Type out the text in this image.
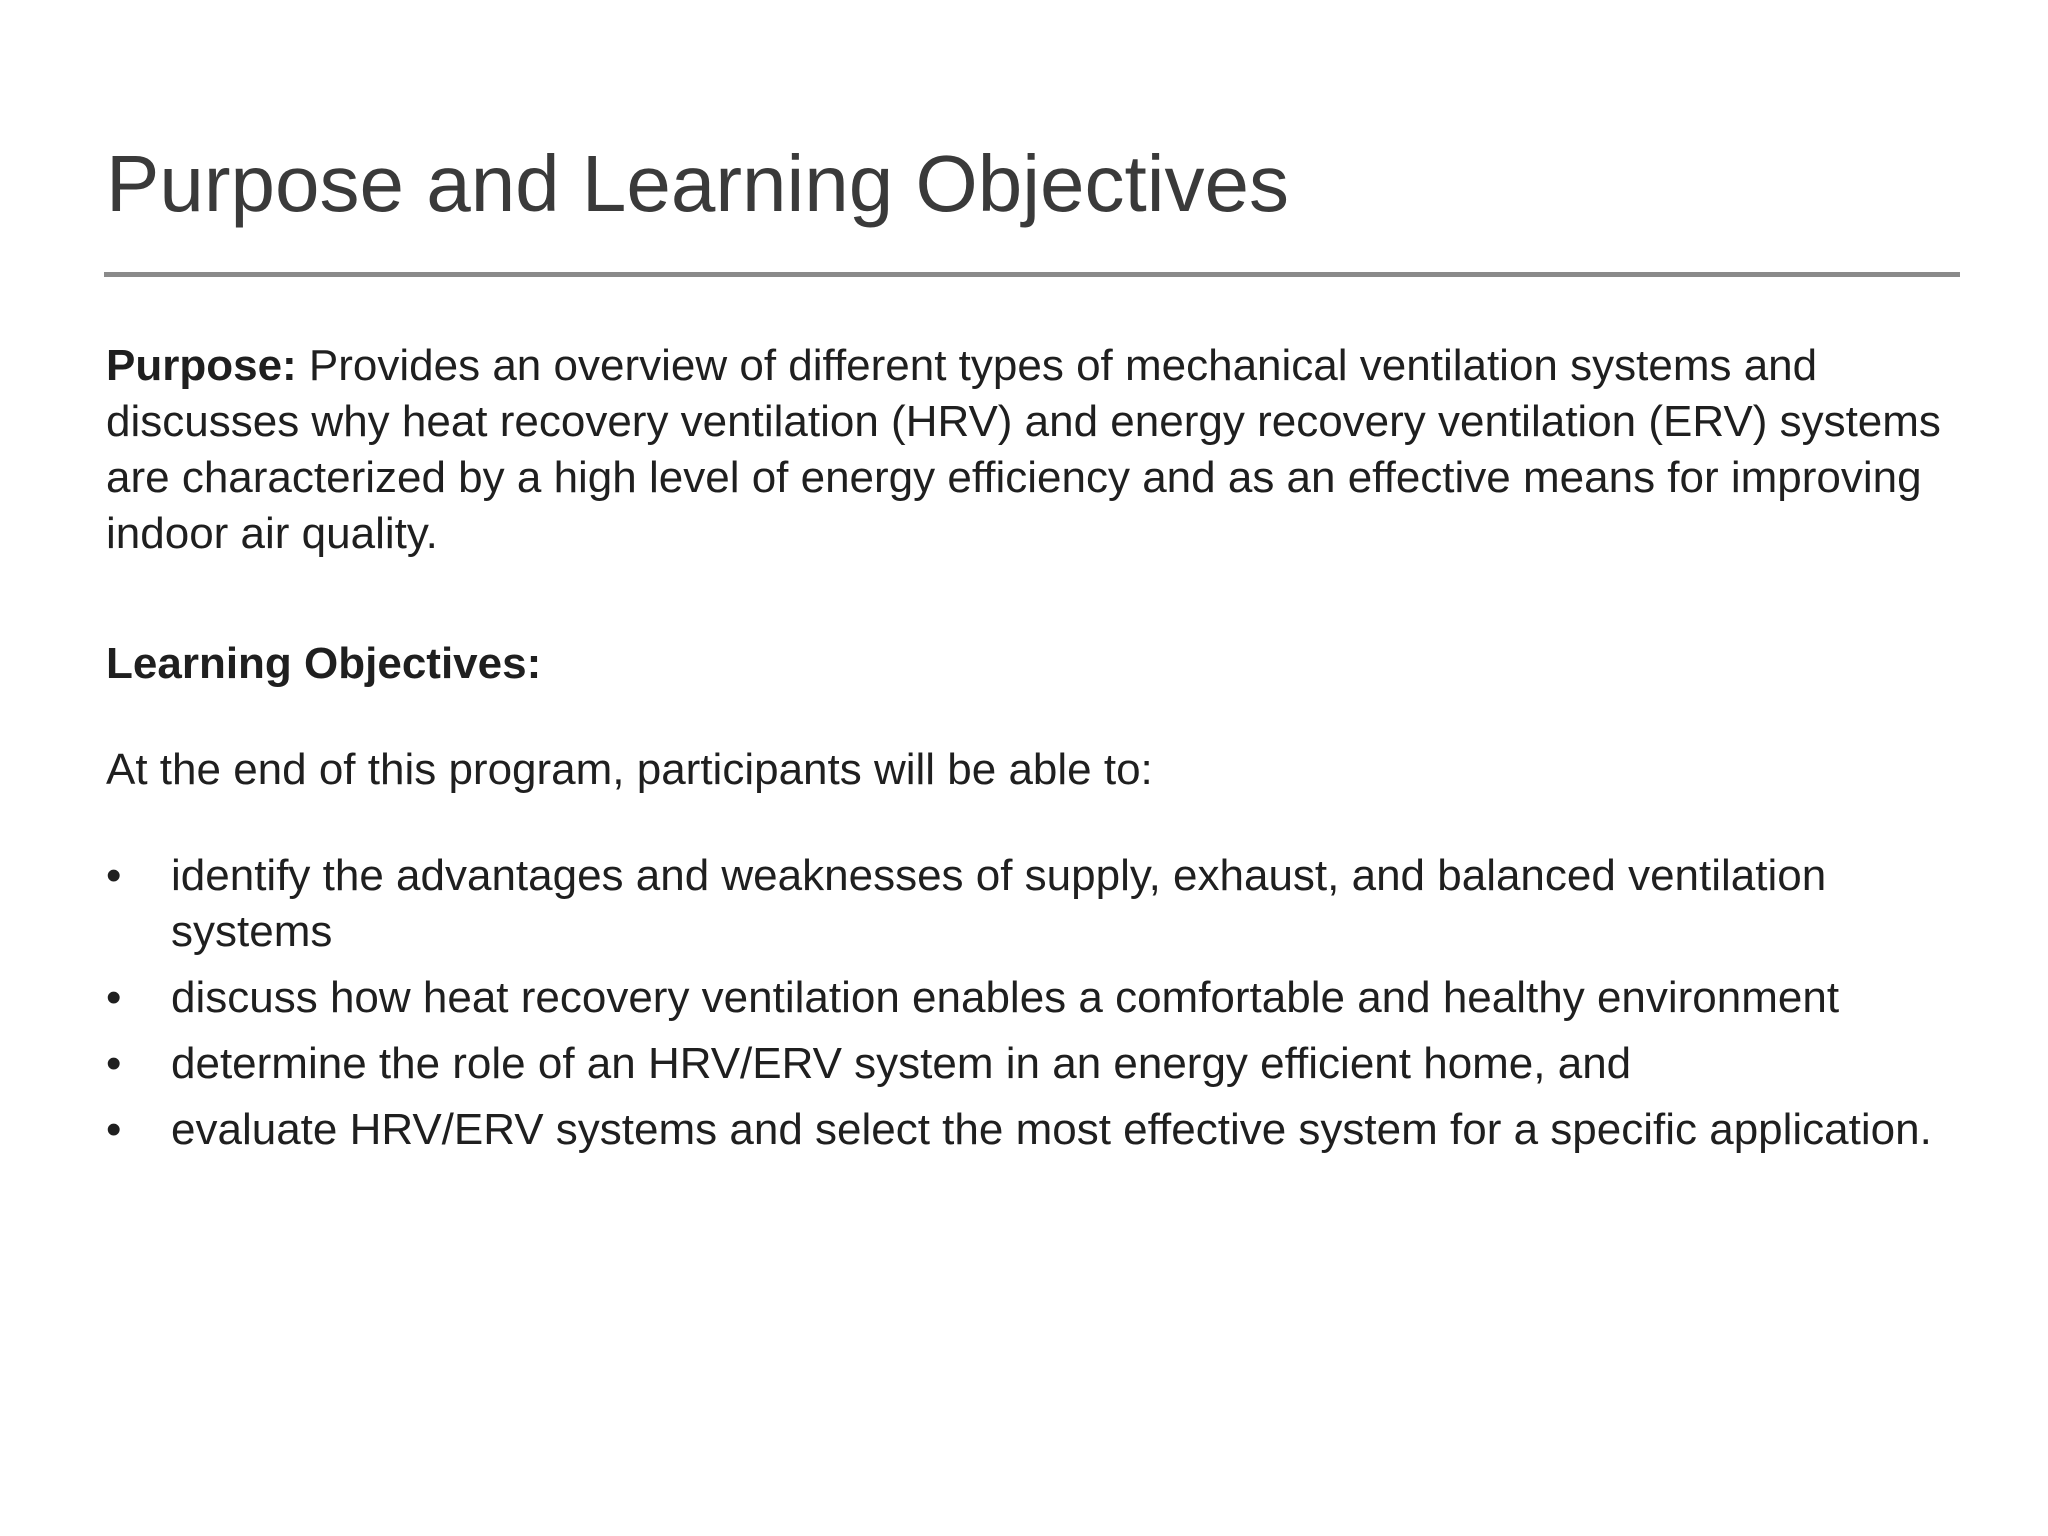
Purpose and Learning Objectives

Purpose: Provides an overview of different types of mechanical ventilation systems and discusses why heat recovery ventilation (HRV) and energy recovery ventilation (ERV) systems are characterized by a high level of energy efficiency and as an effective means for improving indoor air quality.

Learning Objectives:

At the end of this program, participants will be able to:

•	identify the advantages and weaknesses of supply, exhaust, and balanced ventilation systems
•	discuss how heat recovery ventilation enables a comfortable and healthy environment
•	determine the role of an HRV/ERV system in an energy efficient home, and
•	evaluate HRV/ERV systems and select the most effective system for a specific application.
